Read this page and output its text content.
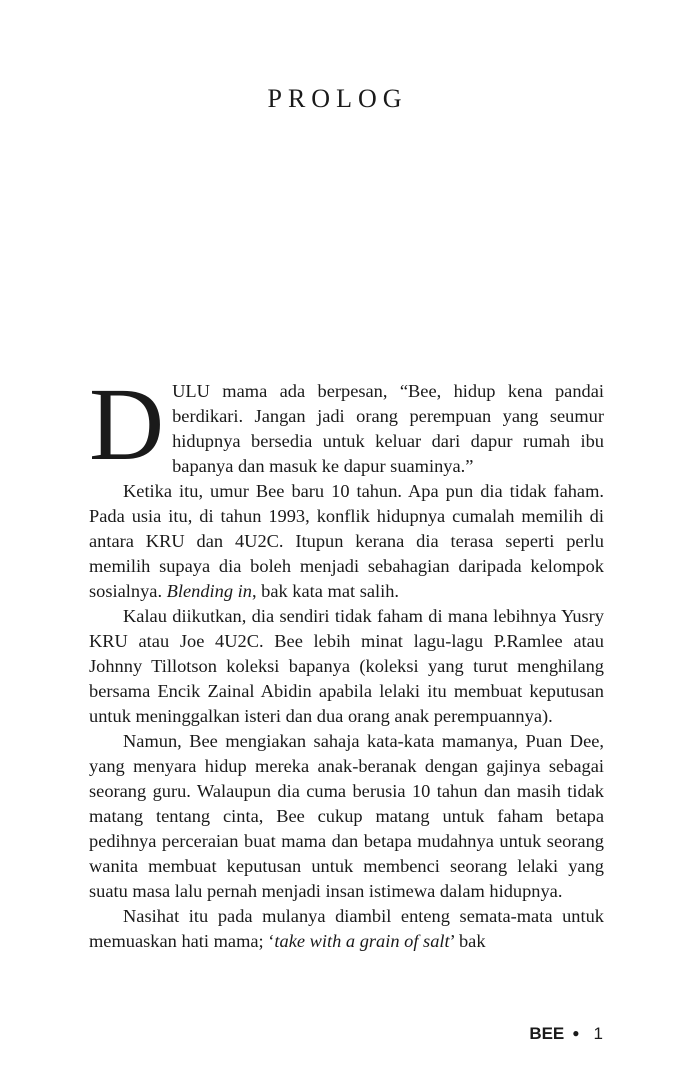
PROLOG

DULU mama ada berpesan, “Bee, hidup kena pandai berdikari. Jangan jadi orang perempuan yang seumur hidupnya bersedia untuk keluar dari dapur rumah ibu bapanya dan masuk ke dapur suaminya.”

Ketika itu, umur Bee baru 10 tahun. Apa pun dia tidak faham. Pada usia itu, di tahun 1993, konflik hidupnya cumalah memilih di antara KRU dan 4U2C. Itupun kerana dia terasa seperti perlu memilih supaya dia boleh menjadi sebahagian daripada kelompok sosialnya. Blending in, bak kata mat salih.

Kalau diikutkan, dia sendiri tidak faham di mana lebihnya Yusry KRU atau Joe 4U2C. Bee lebih minat lagu-lagu P.Ramlee atau Johnny Tillotson koleksi bapanya (koleksi yang turut menghilang bersama Encik Zainal Abidin apabila lelaki itu membuat keputusan untuk meninggalkan isteri dan dua orang anak perempuannya).

Namun, Bee mengiakan sahaja kata-kata mamanya, Puan Dee, yang menyara hidup mereka anak-beranak dengan gajinya sebagai seorang guru. Walaupun dia cuma berusia 10 tahun dan masih tidak matang tentang cinta, Bee cukup matang untuk faham betapa pedihnya perceraian buat mama dan betapa mudahnya untuk seorang wanita membuat keputusan untuk membenci seorang lelaki yang suatu masa lalu pernah menjadi insan istimewa dalam hidupnya.

Nasihat itu pada mulanya diambil enteng semata-mata untuk memuaskan hati mama; ‘take with a grain of salt’ bak

BEE ● 1
